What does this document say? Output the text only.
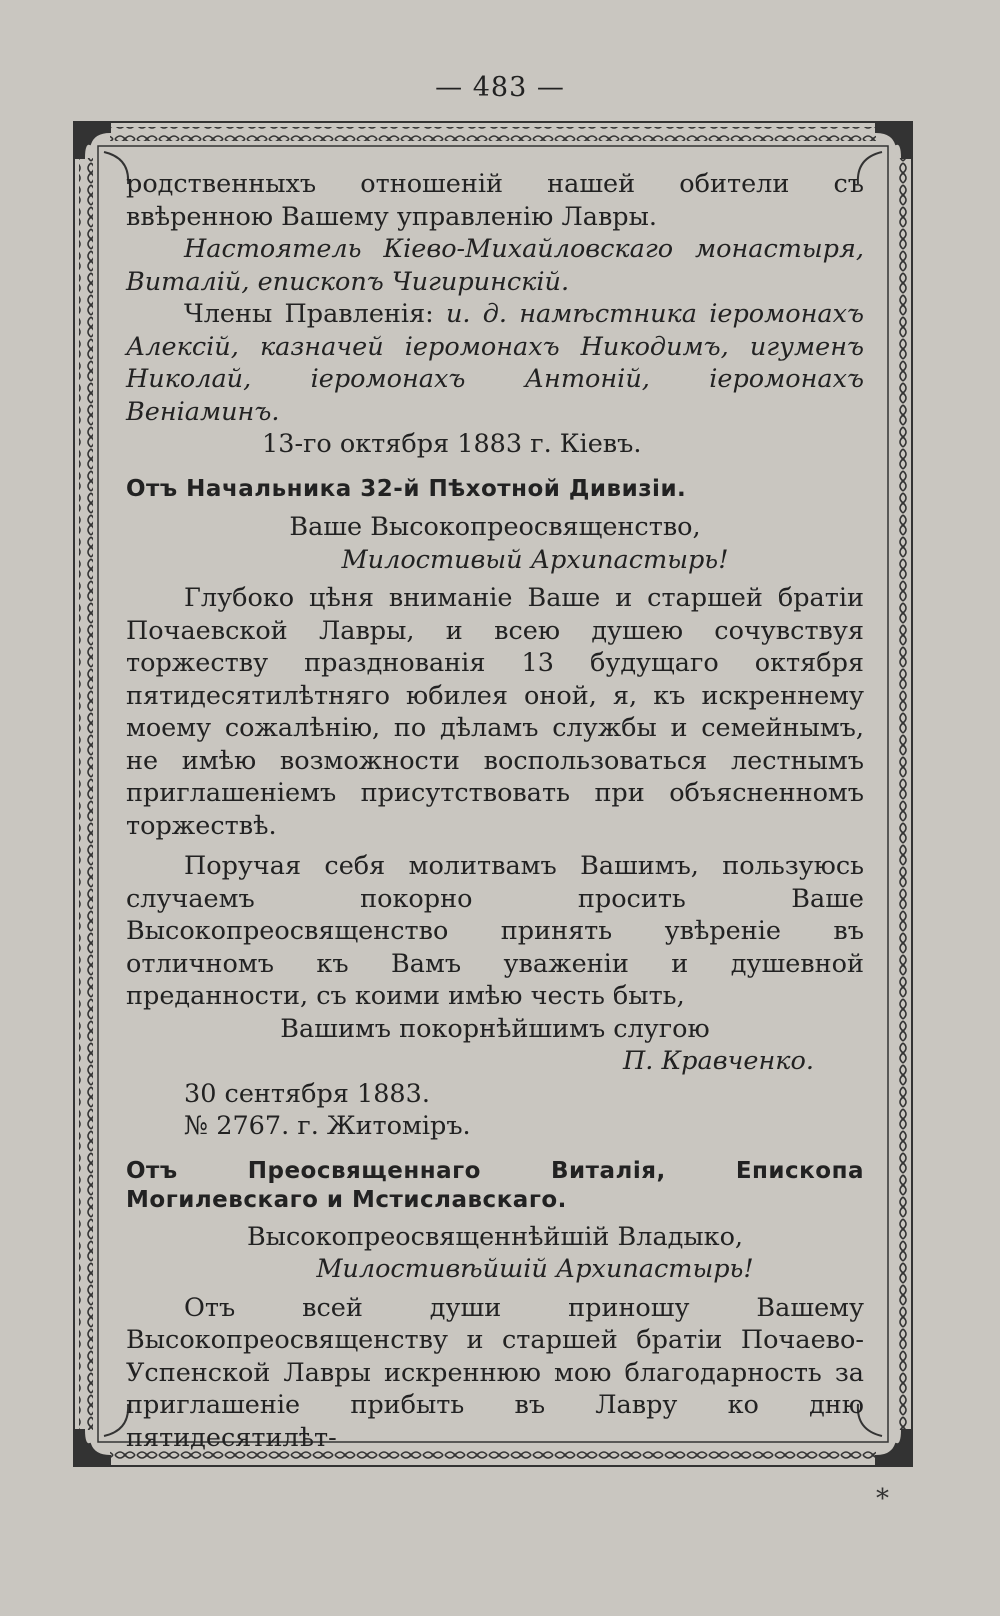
— 483 —

родственныхъ отношеній нашей обители съ ввѣренною Вашему управленію Лавры.

Настоятель Кіево-Михайловскаго монастыря, Виталій, епископъ Чигиринскій.

Члены Правленія: и. д. намѣстника іеромонахъ Алексій, казначей іеромонахъ Никодимъ, игуменъ Николай, іеромонахъ Антоній, іеромонахъ Веніаминъ.

13-го октября 1883 г. Кіевъ.

Отъ Начальника 32-й Пѣхотной Дивизіи.

Ваше Высокопреосвященство,

Милостивый Архипастырь!

Глубоко цѣня вниманіе Ваше и старшей братіи Почаевской Лавры, и всею душею сочувствуя торжеству празднованія 13 будущаго октября пятидесятилѣтняго юбилея оной, я, къ искреннему моему сожалѣнію, по дѣламъ службы и семейнымъ, не имѣю возможности воспользоваться лестнымъ приглашеніемъ присутствовать при объясненномъ торжествѣ.

Поручая себя молитвамъ Вашимъ, пользуюсь случаемъ покорно просить Ваше Высокопреосвященство принять увѣреніе въ отличномъ къ Вамъ уваженіи и душевной преданности, съ коими имѣю честь быть,

Вашимъ покорнѣйшимъ слугою

П. Кравченко.

30 сентября 1883.

№ 2767. г. Житоміръ.

Отъ Преосвященнаго Виталія, Епископа Могилевскаго и Мстиславскаго.

Высокопреосвященнѣйшій Владыко,

Милостивѣйшій Архипастырь!

Отъ всей души приношу Вашему Высокопреосвященству и старшей братіи Почаево-Успенской Лавры искреннюю мою благодарность за приглашеніе прибыть въ Лавру ко дню пятидесятилѣт-

*
